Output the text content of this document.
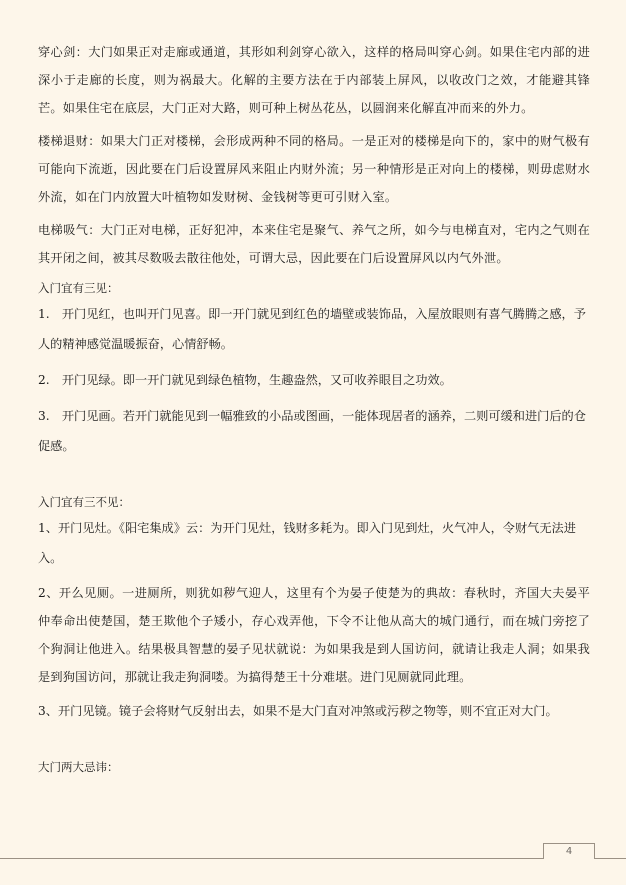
穿心剑：大门如果正对走廊或通道，其形如利剑穿心欲入，这样的格局叫穿心剑。如果住宅内部的进深小于走廊的长度，则为祸最大。化解的主要方法在于内部装上屏风，以收改门之效，才能避其锋芒。如果住宅在底层，大门正对大路，则可种上树丛花丛，以圆润来化解直冲而来的外力。

楼梯退财：如果大门正对楼梯，会形成两种不同的格局。一是正对的楼梯是向下的，家中的财气极有可能向下流逝，因此要在门后设置屏风来阻止内财外流；另一种情形是正对向上的楼梯，则毋虑财水外流，如在门内放置大叶植物如发财树、金钱树等更可引财入室。

电梯吸气：大门正对电梯，正好犯冲，本来住宅是聚气、养气之所，如今与电梯直对，宅内之气则在其开闭之间，被其尽数吸去散往他处，可谓大忌，因此要在门后设置屏风以内气外泄。

入门宜有三见：

1.　开门见红，也叫开门见喜。即一开门就见到红色的墙壁或装饰品，入屋放眼则有喜气腾腾之感，予人的精神感觉温暖振奋，心情舒畅。

2.　开门见绿。即一开门就见到绿色植物，生趣盎然，又可收养眼目之功效。

3.　开门见画。若开门就能见到一幅雅致的小品或图画，一能体现居者的涵养，二则可缓和进门后的仓促感。

入门宜有三不见：

1、开门见灶。《阳宅集成》云：为开门见灶，钱财多耗为。即入门见到灶，火气冲人，令财气无法进入。

2、开么见厕。一进厕所，则犹如秽气迎人，这里有个为晏子使楚为的典故：春秋时，齐国大夫晏平仲奉命出使楚国，楚王欺他个子矮小，存心戏弄他，下令不让他从高大的城门通行，而在城门旁挖了个狗洞让他进入。结果极具智慧的晏子见状就说：为如果我是到人国访问，就请让我走人洞；如果我是到狗国访问，那就让我走狗洞喽。为搞得楚王十分难堪。进门见厕就同此理。

3、开门见镜。镜子会将财气反射出去，如果不是大门直对冲煞或污秽之物等，则不宜正对大门。

大门两大忌讳：

4
